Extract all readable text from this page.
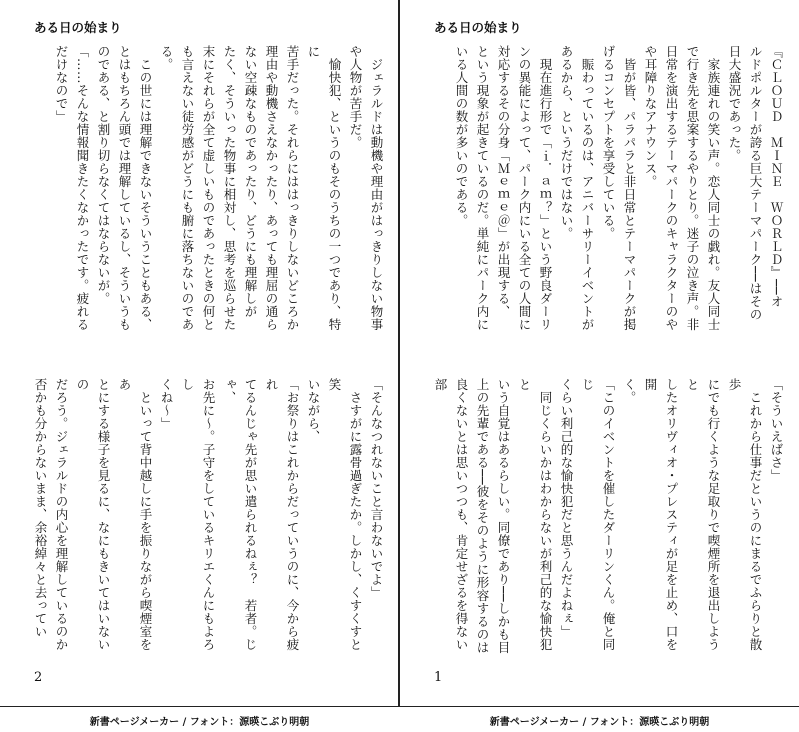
ある日の始まり
　ジェラルドは動機や理由がはっきりしない物事
や人物が苦手だ。
　愉快犯、というのもそのうちの一つであり、特に
苦手だった。それらにははっきりしないどころか
理由や動機さえなかったり、あっても理屈の通ら
ない空疎なものであったり、どうにも理解しが
たく、そういった物事に相対し、思考を巡らせた
末にそれらが全て虚しいものであったときの何と
も言えない徒労感がどうにも腑に落ちないのであ
る。
　この世には理解できないそういうこともある、
とはもちろん頭では理解しているし、そういうも
のである、と割り切らなくてはならないが。
「……そんな情報聞きたくなかったです。疲れる
だけなので」
「そんなつれないこと言わないでよ」
　さすがに露骨過ぎたか。しかし、くすくすと笑
いながら、
「お祭りはこれからだっていうのに、今から疲れ
てるんじゃ先が思い遣られるねぇ？　若者。じゃ、
お先に〜。子守をしているキリエくんにもよろし
くね〜」
　といって背中越しに手を振りながら喫煙室をあ
とにする様子を見るに、なにもきいてはいないの
だろう。ジェラルドの内心を理解しているのか
否かも分からないまま、余裕綽々と去ってい

2
ある日の始まり
『ＣＬＯＵＤ　ＭＩＮＥ　ＷＯＲＬＤ』──オ
ルドポルターが誇る巨大テーマパーク──はその
日大盛況であった。
　家族連れの笑い声。恋人同士の戯れ。友人同士
で行き先を思案するやりとり。迷子の泣き声。非
日常を演出するテーマパークのキャラクターのや
や耳障りなアナウンス。
　皆が皆、パラパラと非日常とテーマパークが掲
げるコンセプトを享受している。
　賑わっているのは、アニバーサリーイベントが
あるから、というだけではない。
　現在進行形で「ｉ．ａｍ？」という野良ダーリ
ンの異能によって、パーク内にいる全ての人間に
対応するその分身「Ｍｅｍｅ＠」が出現する、
という現象が起きているのだ。単純にパーク内に
いる人間の数が多いのである。
「そういえばさ」
　これから仕事だというのにまるでふらりと散歩
にでも行くような足取りで喫煙所を退出しようと
したオリヴィオ・プレスティが足を止め、口を開
く。
「このイベントを催したダーリンくん。俺と同じ
くらい利己的な愉快犯だと思うんだよねぇ」
　同じくらいかはわからないが利己的な愉快犯と
いう自覚はあるらしい。同僚であり──しかも目
上の先輩である──彼をそのように形容するのは
良くないとは思いつつも、肯定せざるを得ない部

1
新書ページメーカー / フォント：源暎こぶり明朝	新書ページメーカー / フォント：源暎こぶり明朝
